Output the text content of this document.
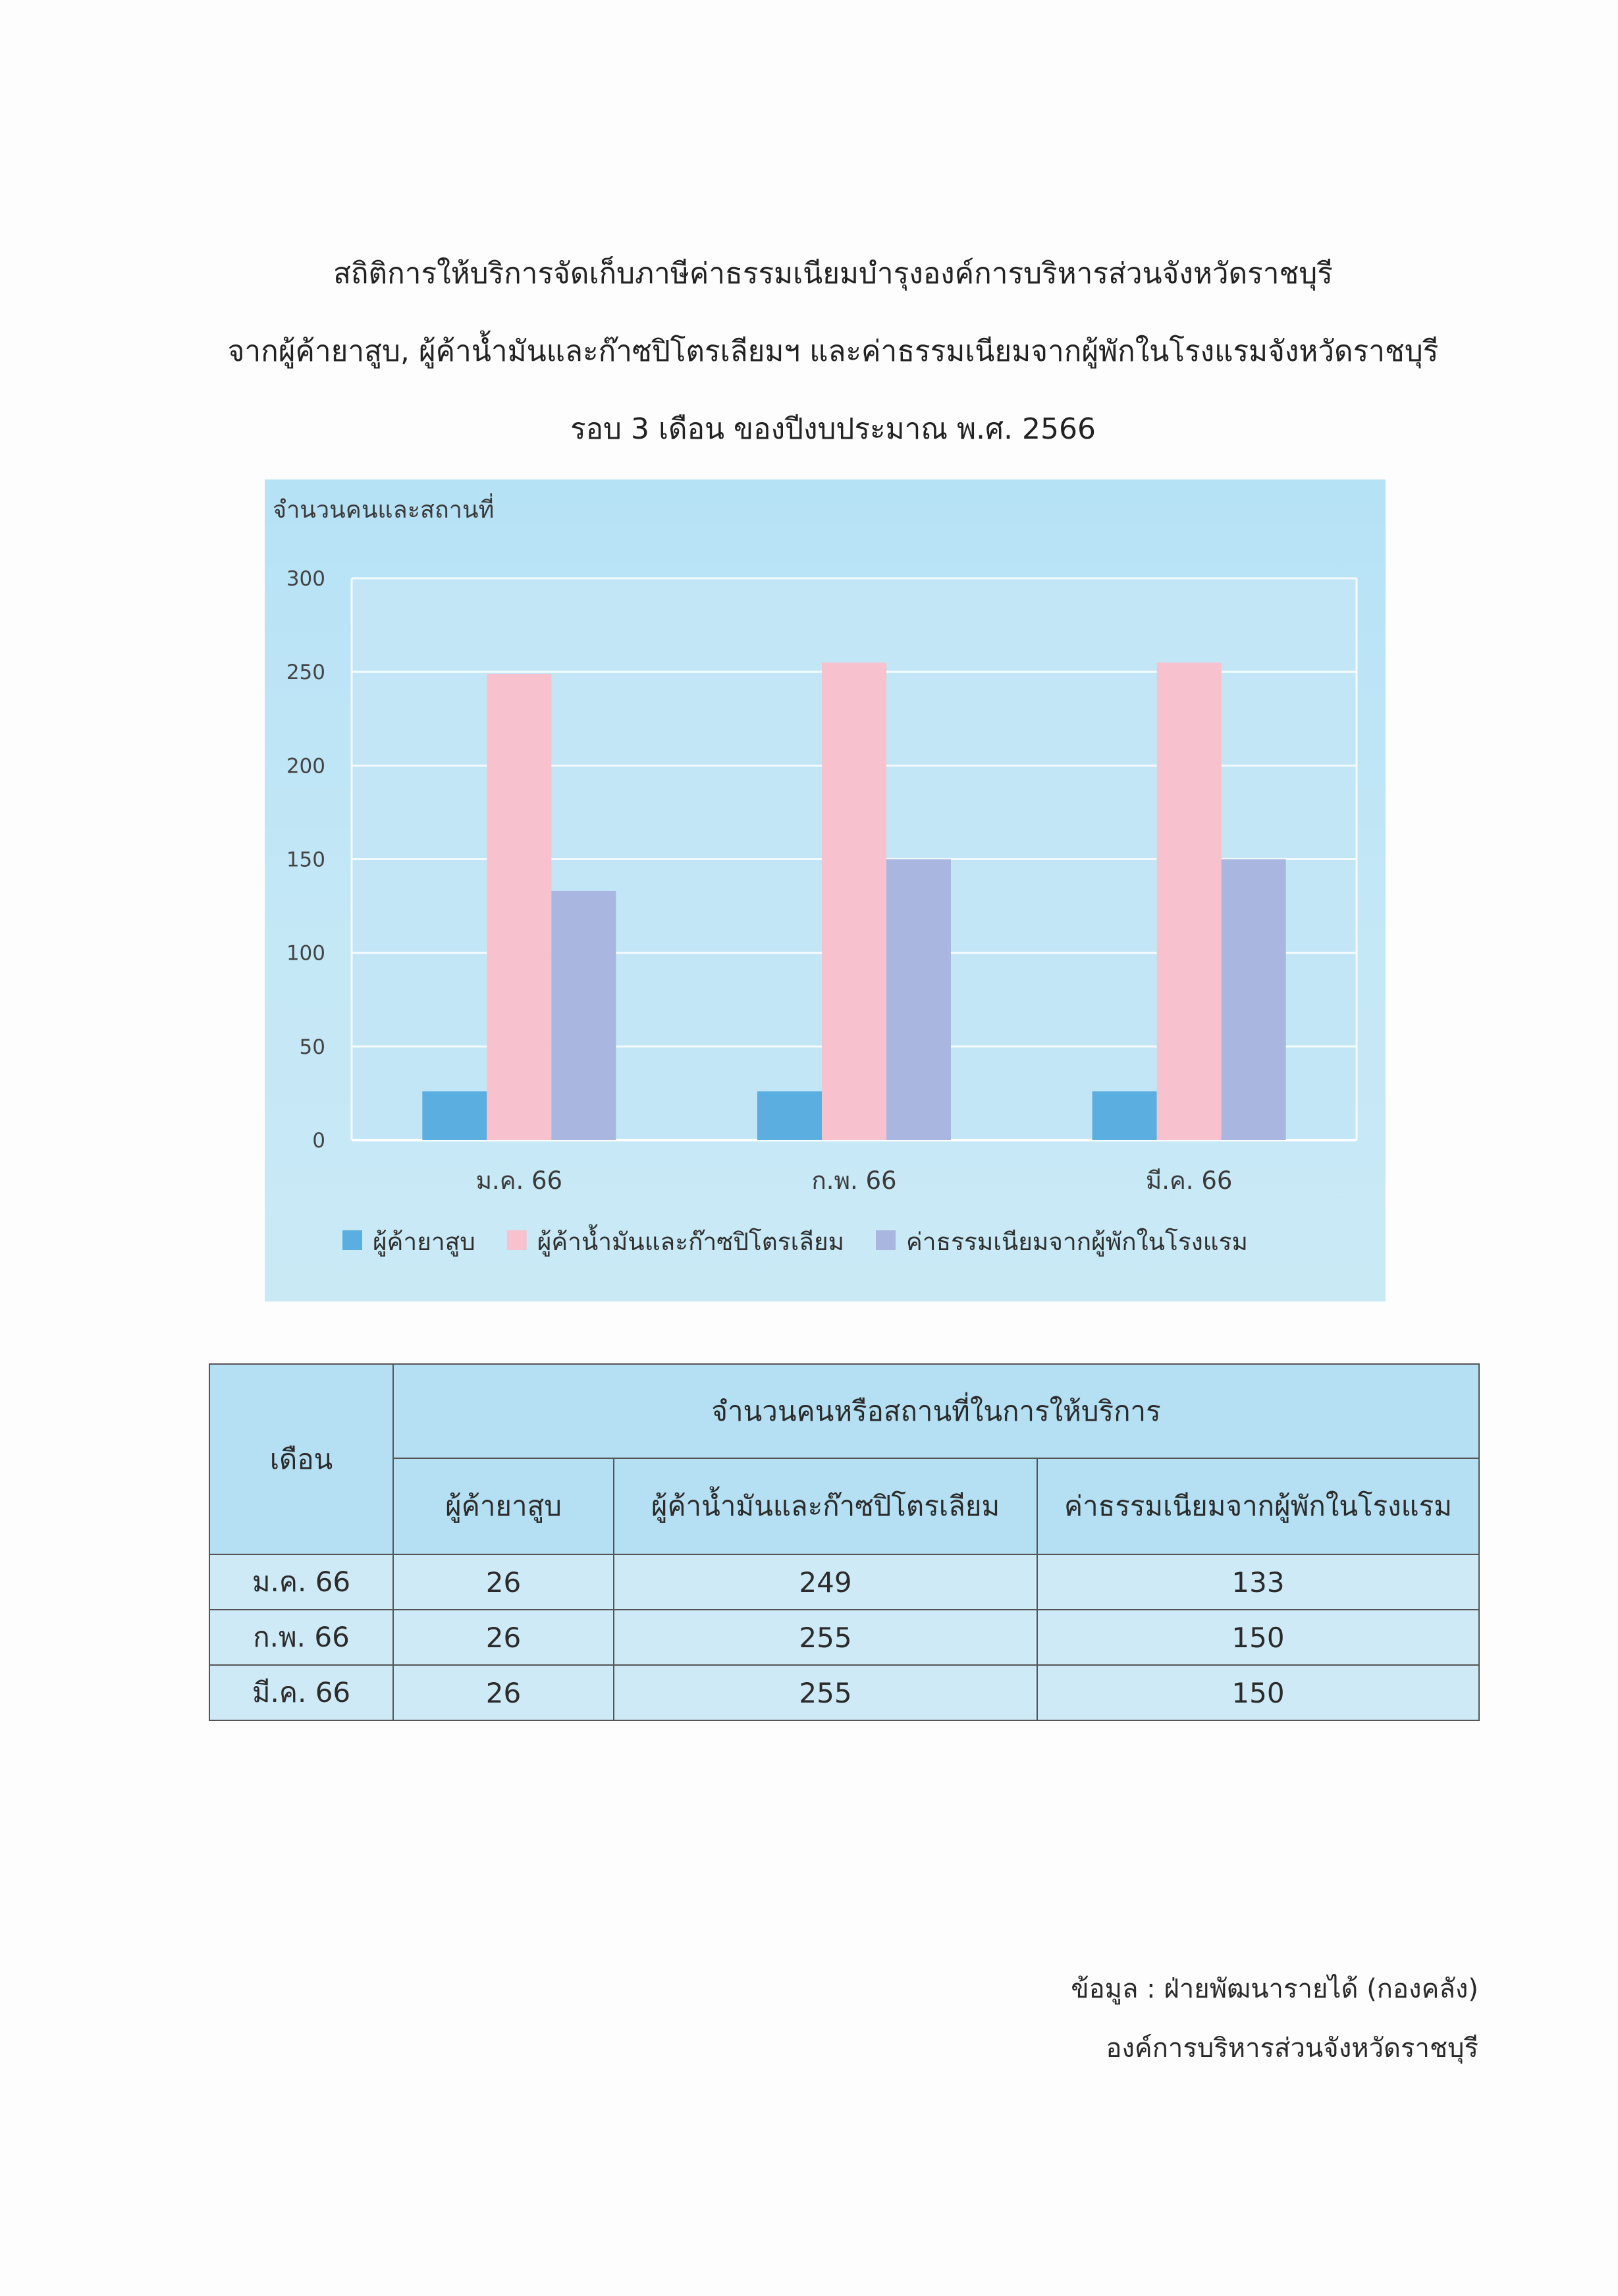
สถิติการให้บริการจัดเก็บภาษีค่าธรรมเนียมบำรุงองค์การบริหารส่วนจังหวัดราชบุรี
จากผู้ค้ายาสูบ, ผู้ค้าน้ำมันและก๊าซปิโตรเลียมฯ และค่าธรรมเนียมจากผู้พักในโรงแรมจังหวัดราชบุรี
รอบ 3 เดือน ของปีงบประมาณ พ.ศ. 2566
0
50
100
150
200
250
300
จำนวนคนและสถานที่
ม.ค. 66	ก.พ. 66	มี.ค. 66
ผู้ค้ายาสูบ	ผู้ค้าน้ำมันและก๊าซปิโตรเลียม	ค่าธรรมเนียมจากผู้พักในโรงแรม
เดือน	จำนวนคนหรือสถานที่ในการให้บริการ		
	ผู้ค้ายาสูบ	ผู้ค้าน้ำมันและก๊าซปิโตรเลียม	ค่าธรรมเนียมจากผู้พักในโรงแรม
ม.ค. 66	26	249	133
ก.พ. 66	26	255	150
มี.ค. 66	26	255	150
ข้อมูล : ฝ่ายพัฒนารายได้ (กองคลัง)
องค์การบริหารส่วนจังหวัดราชบุรี
